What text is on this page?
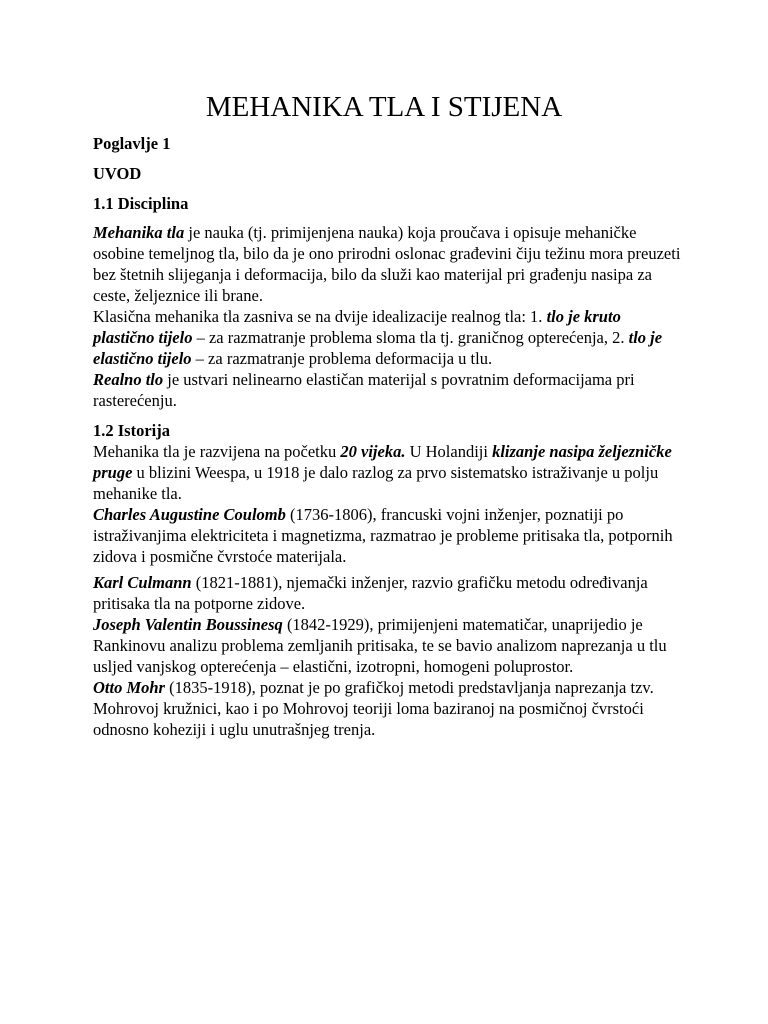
MEHANIKA TLA I STIJENA

Poglavlje 1

UVOD

1.1 Disciplina

Mehanika tla je nauka (tj. primijenjena nauka) koja proučava i opisuje mehaničke osobine temeljnog tla, bilo da je ono prirodni oslonac građevini čiju težinu mora preuzeti bez štetnih slijeganja i deformacija, bilo da služi kao materijal pri građenju nasipa za ceste, željeznice ili brane.

Klasična mehanika tla zasniva se na dvije idealizacije realnog tla: 1. tlo je kruto plastično tijelo – za razmatranje problema sloma tla tj. graničnog opterećenja, 2. tlo je elastično tijelo – za razmatranje problema deformacija u tlu.

Realno tlo je ustvari nelinearno elastičan materijal s povratnim deformacijama pri rasterećenju.

1.2 Istorija

Mehanika tla je razvijena na početku 20 vijeka. U Holandiji klizanje nasipa željezničke pruge u blizini Weespa, u 1918 je dalo razlog za prvo sistematsko istraživanje u polju mehanike tla.

Charles Augustine Coulomb (1736-1806), francuski vojni inženjer, poznatiji po istraživanjima elektriciteta i magnetizma, razmatrao je probleme pritisaka tla, potpornih zidova i posmične čvrstoće materijala.

Karl Culmann (1821-1881), njemački inženjer, razvio grafičku metodu određivanja pritisaka tla na potporne zidove.

Joseph Valentin Boussinesq (1842-1929), primijenjeni matematičar, unaprijedio je Rankinovu analizu problema zemljanih pritisaka, te se bavio analizom naprezanja u tlu usljed vanjskog opterećenja – elastični, izotropni, homogeni poluprostor.

Otto Mohr (1835-1918), poznat je po grafičkoj metodi predstavljanja naprezanja tzv. Mohrovoj kružnici, kao i po Mohrovoj teoriji loma baziranoj na posmičnoj čvrstoći odnosno koheziji i uglu unutrašnjeg trenja.
